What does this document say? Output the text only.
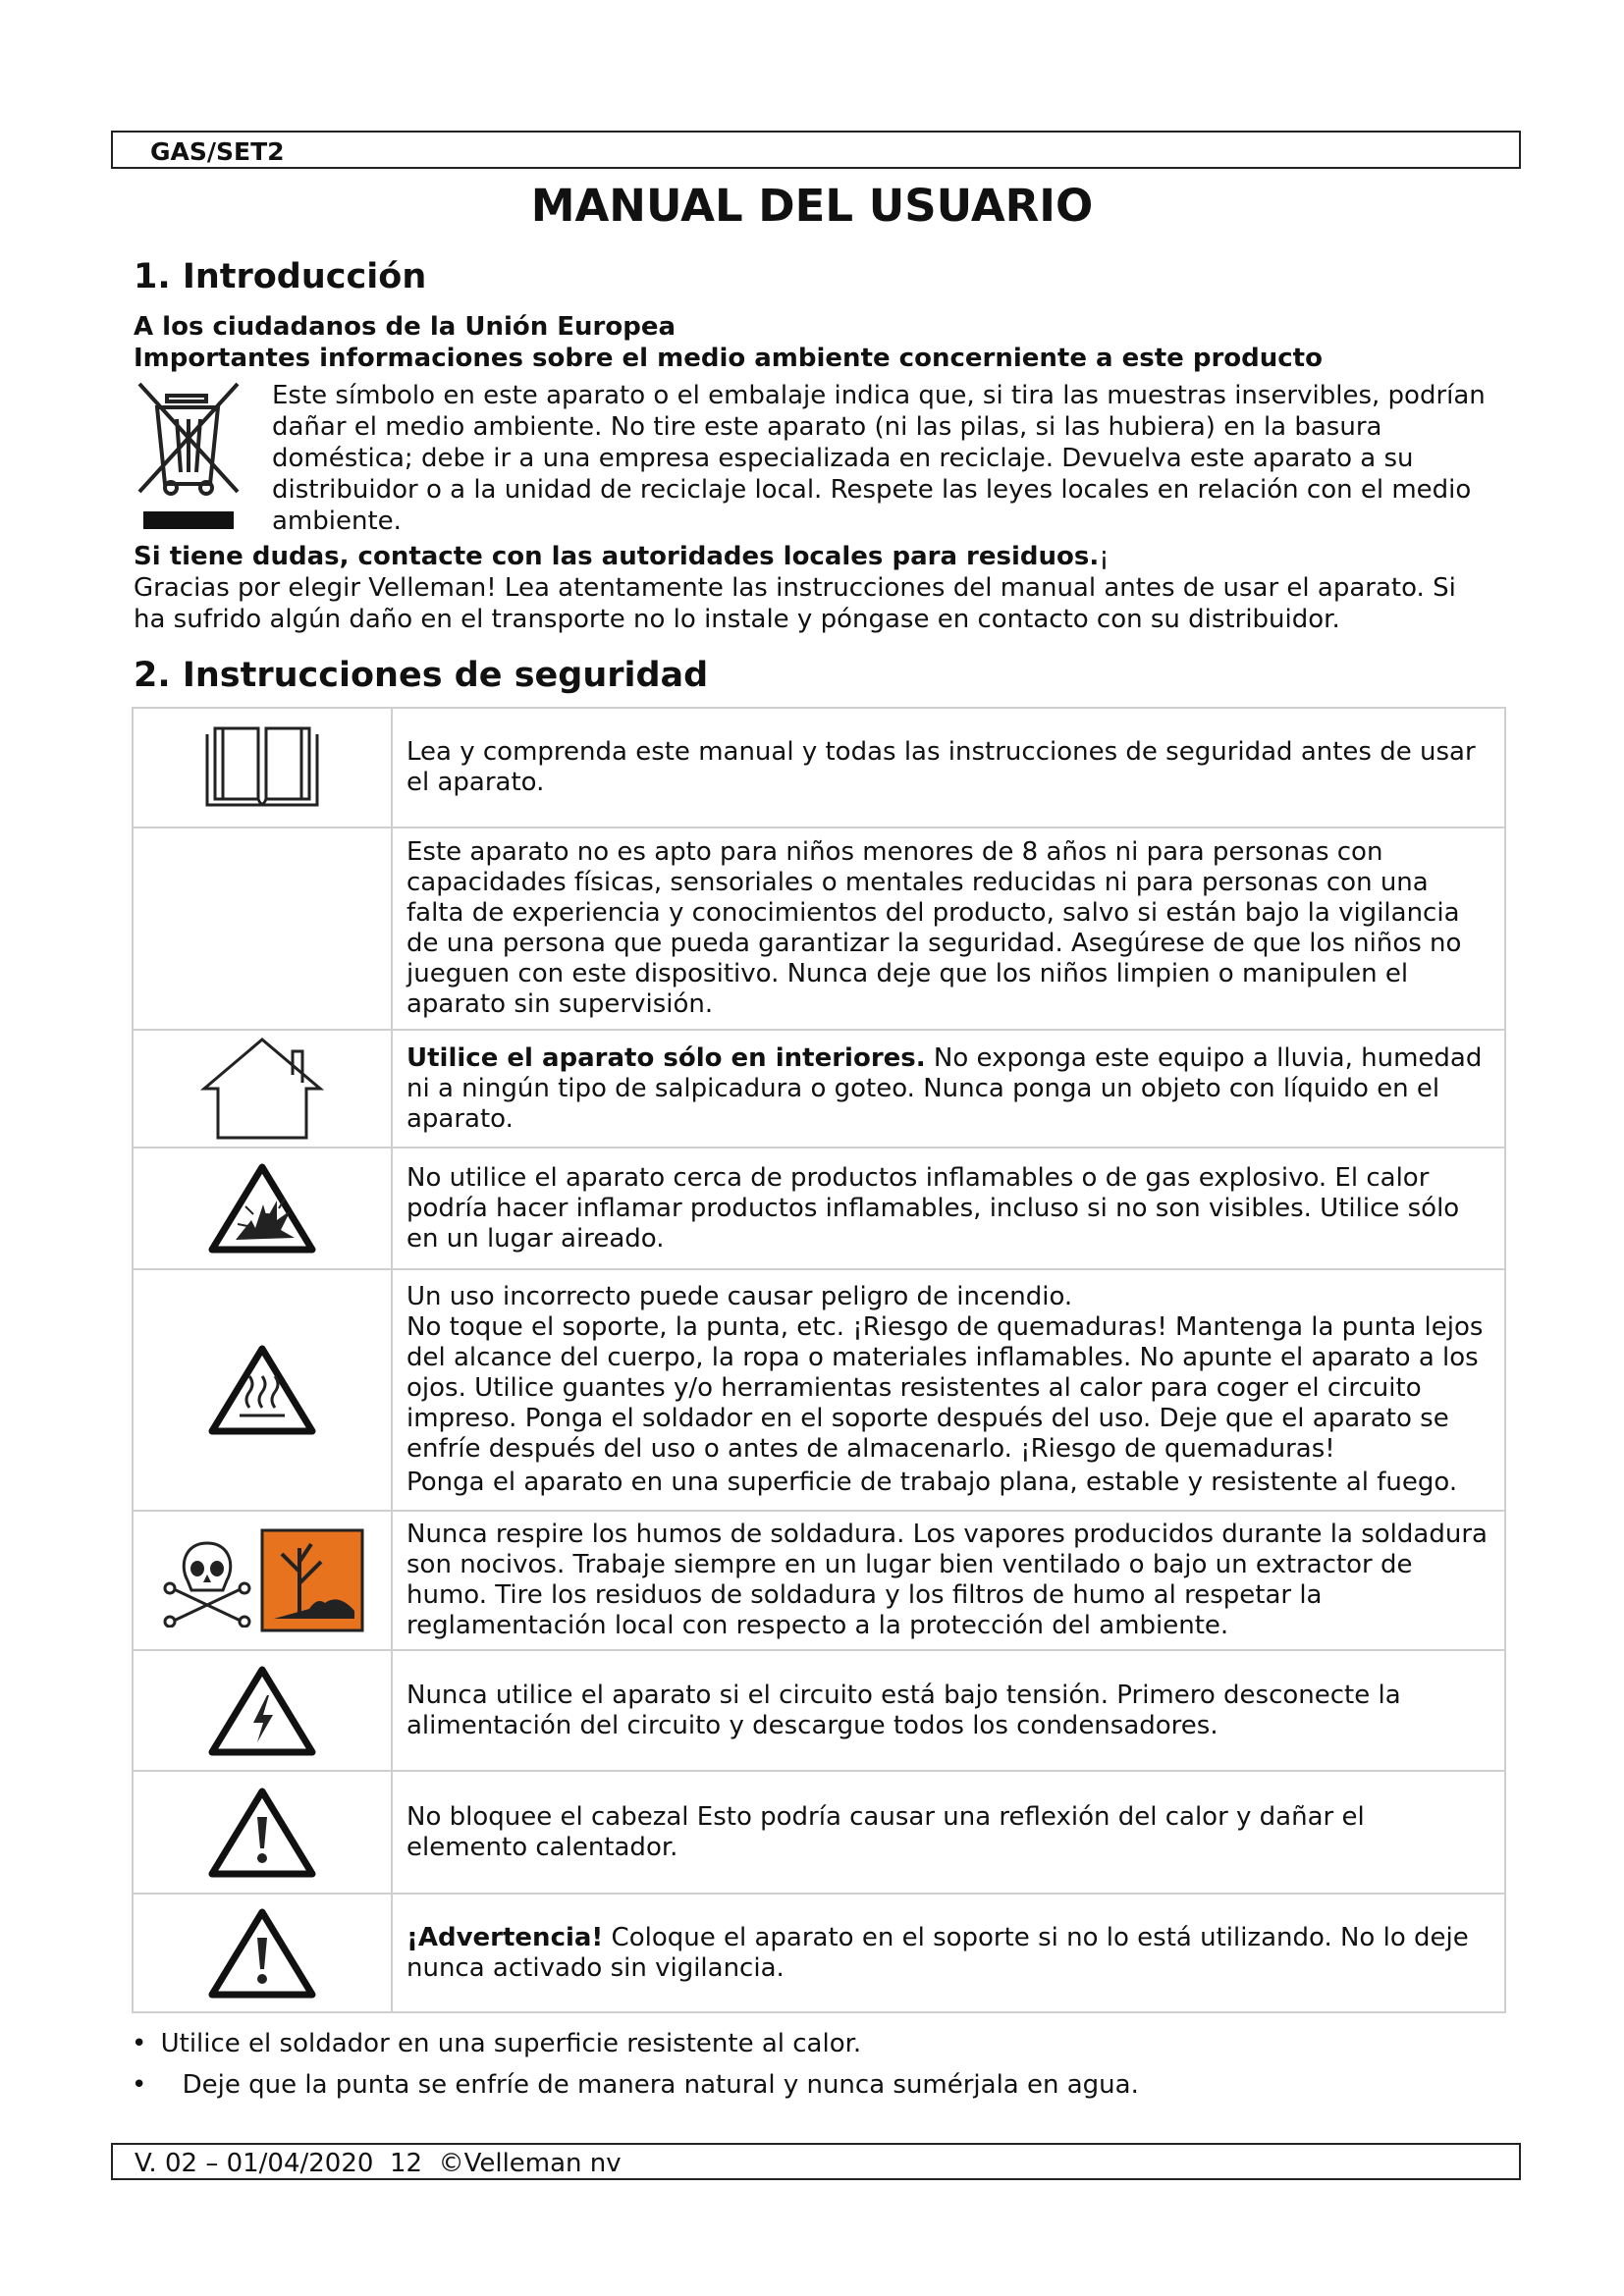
GAS/SET2
MANUAL DEL USUARIO
1. Introducción

A los ciudadanos de la Unión Europea

Importantes informaciones sobre el medio ambiente concerniente a este producto

Este símbolo en este aparato o el embalaje indica que, si tira las muestras inservibles, podrían dañar el medio ambiente. No tire este aparato (ni las pilas, si las hubiera) en la basura doméstica; debe ir a una empresa especializada en reciclaje. Devuelva este aparato a su distribuidor o a la unidad de reciclaje local. Respete las leyes locales en relación con el medio ambiente.

Si tiene dudas, contacte con las autoridades locales para residuos.¡

Gracias por elegir Velleman! Lea atentamente las instrucciones del manual antes de usar el aparato. Si ha sufrido algún daño en el transporte no lo instale y póngase en contacto con su distribuidor.

2. Instrucciones de seguridad
	Lea y comprenda este manual y todas las instrucciones de seguridad antes de usar el aparato.
	Este aparato no es apto para niños menores de 8 años ni para personas con capacidades físicas, sensoriales o mentales reducidas ni para personas con una falta de experiencia y conocimientos del producto, salvo si están bajo la vigilancia de una persona que pueda garantizar la seguridad. Asegúrese de que los niños no jueguen con este dispositivo. Nunca deje que los niños limpien o manipulen el aparato sin supervisión.
	Utilice el aparato sólo en interiores. No exponga este equipo a lluvia, humedad ni a ningún tipo de salpicadura o goteo. Nunca ponga un objeto con líquido en el aparato.
	No utilice el aparato cerca de productos inflamables o de gas explosivo. El calor podría hacer inflamar productos inflamables, incluso si no son visibles. Utilice sólo en un lugar aireado.

Un uso incorrecto puede causar peligro de incendio.
No toque el soporte, la punta, etc. ¡Riesgo de quemaduras! Mantenga la punta lejos del alcance del cuerpo, la ropa o materiales inflamables. No apunte el aparato a los ojos. Utilice guantes y/o herramientas resistentes al calor para coger el circuito impreso. Ponga el soldador en el soporte después del uso. Deje que el aparato se enfríe después del uso o antes de almacenarlo. ¡Riesgo de quemaduras!
Ponga el aparato en una superficie de trabajo plana, estable y resistente al fuego.

	Nunca respire los humos de soldadura. Los vapores producidos durante la soldadura son nocivos. Trabaje siempre en un lugar bien ventilado o bajo un extractor de humo. Tire los residuos de soldadura y los filtros de humo al respetar la reglamentación local con respecto a la protección del ambiente.
	Nunca utilice el aparato si el circuito está bajo tensión. Primero desconecte la alimentación del circuito y descargue todos los condensadores.
	No bloquee el cabezal Esto podría causar una reflexión del calor y dañar el elemento calentador.
	¡Advertencia! Coloque el aparato en el soporte si no lo está utilizando. No lo deje nunca activado sin vigilancia.

• Utilice el soldador en una superficie resistente al calor.

• Deje que la punta se enfríe de manera natural y nunca sumérjala en agua.

V. 02 – 01/04/2020  12  ©Velleman nv
